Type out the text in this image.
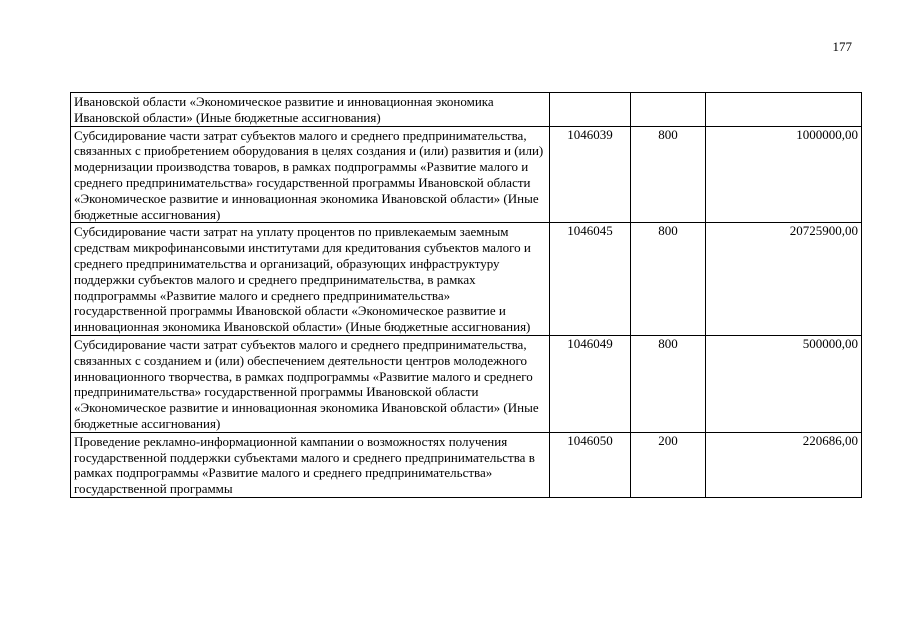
177
Ивановской области «Экономическое развитие и инновационная экономика Ивановской области» (Иные бюджетные ассигнования)			

Субсидирование части затрат субъектов малого и среднего предпринимательства, связанных с приобретением оборудования в целях создания и (или) развития и (или) модернизации производства товаров, в рамках подпрограммы «Развитие малого и среднего предпринимательства» государственной программы Ивановской области «Экономическое развитие и инновационная экономика Ивановской области» (Иные бюджетные ассигнования)	1046039	800	1000000,00

Субсидирование части затрат на уплату процентов по привлекаемым заемным средствам микрофинансовыми институтами для кредитования субъектов малого и среднего предпринимательства и организаций, образующих инфраструктуру поддержки субъектов малого и среднего предпринимательства, в рамках подпрограммы «Развитие малого и среднего предпринимательства» государственной программы Ивановской области «Экономическое развитие и инновационная экономика Ивановской области» (Иные бюджетные ассигнования)	1046045	800	20725900,00

Субсидирование части затрат субъектов малого и среднего предпринимательства, связанных с созданием и (или) обеспечением деятельности центров молодежного инновационного творчества, в рамках подпрограммы «Развитие малого и среднего предпринимательства» государственной программы Ивановской области «Экономическое развитие и инновационная экономика Ивановской области» (Иные бюджетные ассигнования)	1046049	800	500000,00

Проведение рекламно-информационной кампании о возможностях получения государственной поддержки субъектами малого и среднего предпринимательства в рамках подпрограммы «Развитие малого и среднего предпринимательства» государственной программы	1046050	200	220686,00
